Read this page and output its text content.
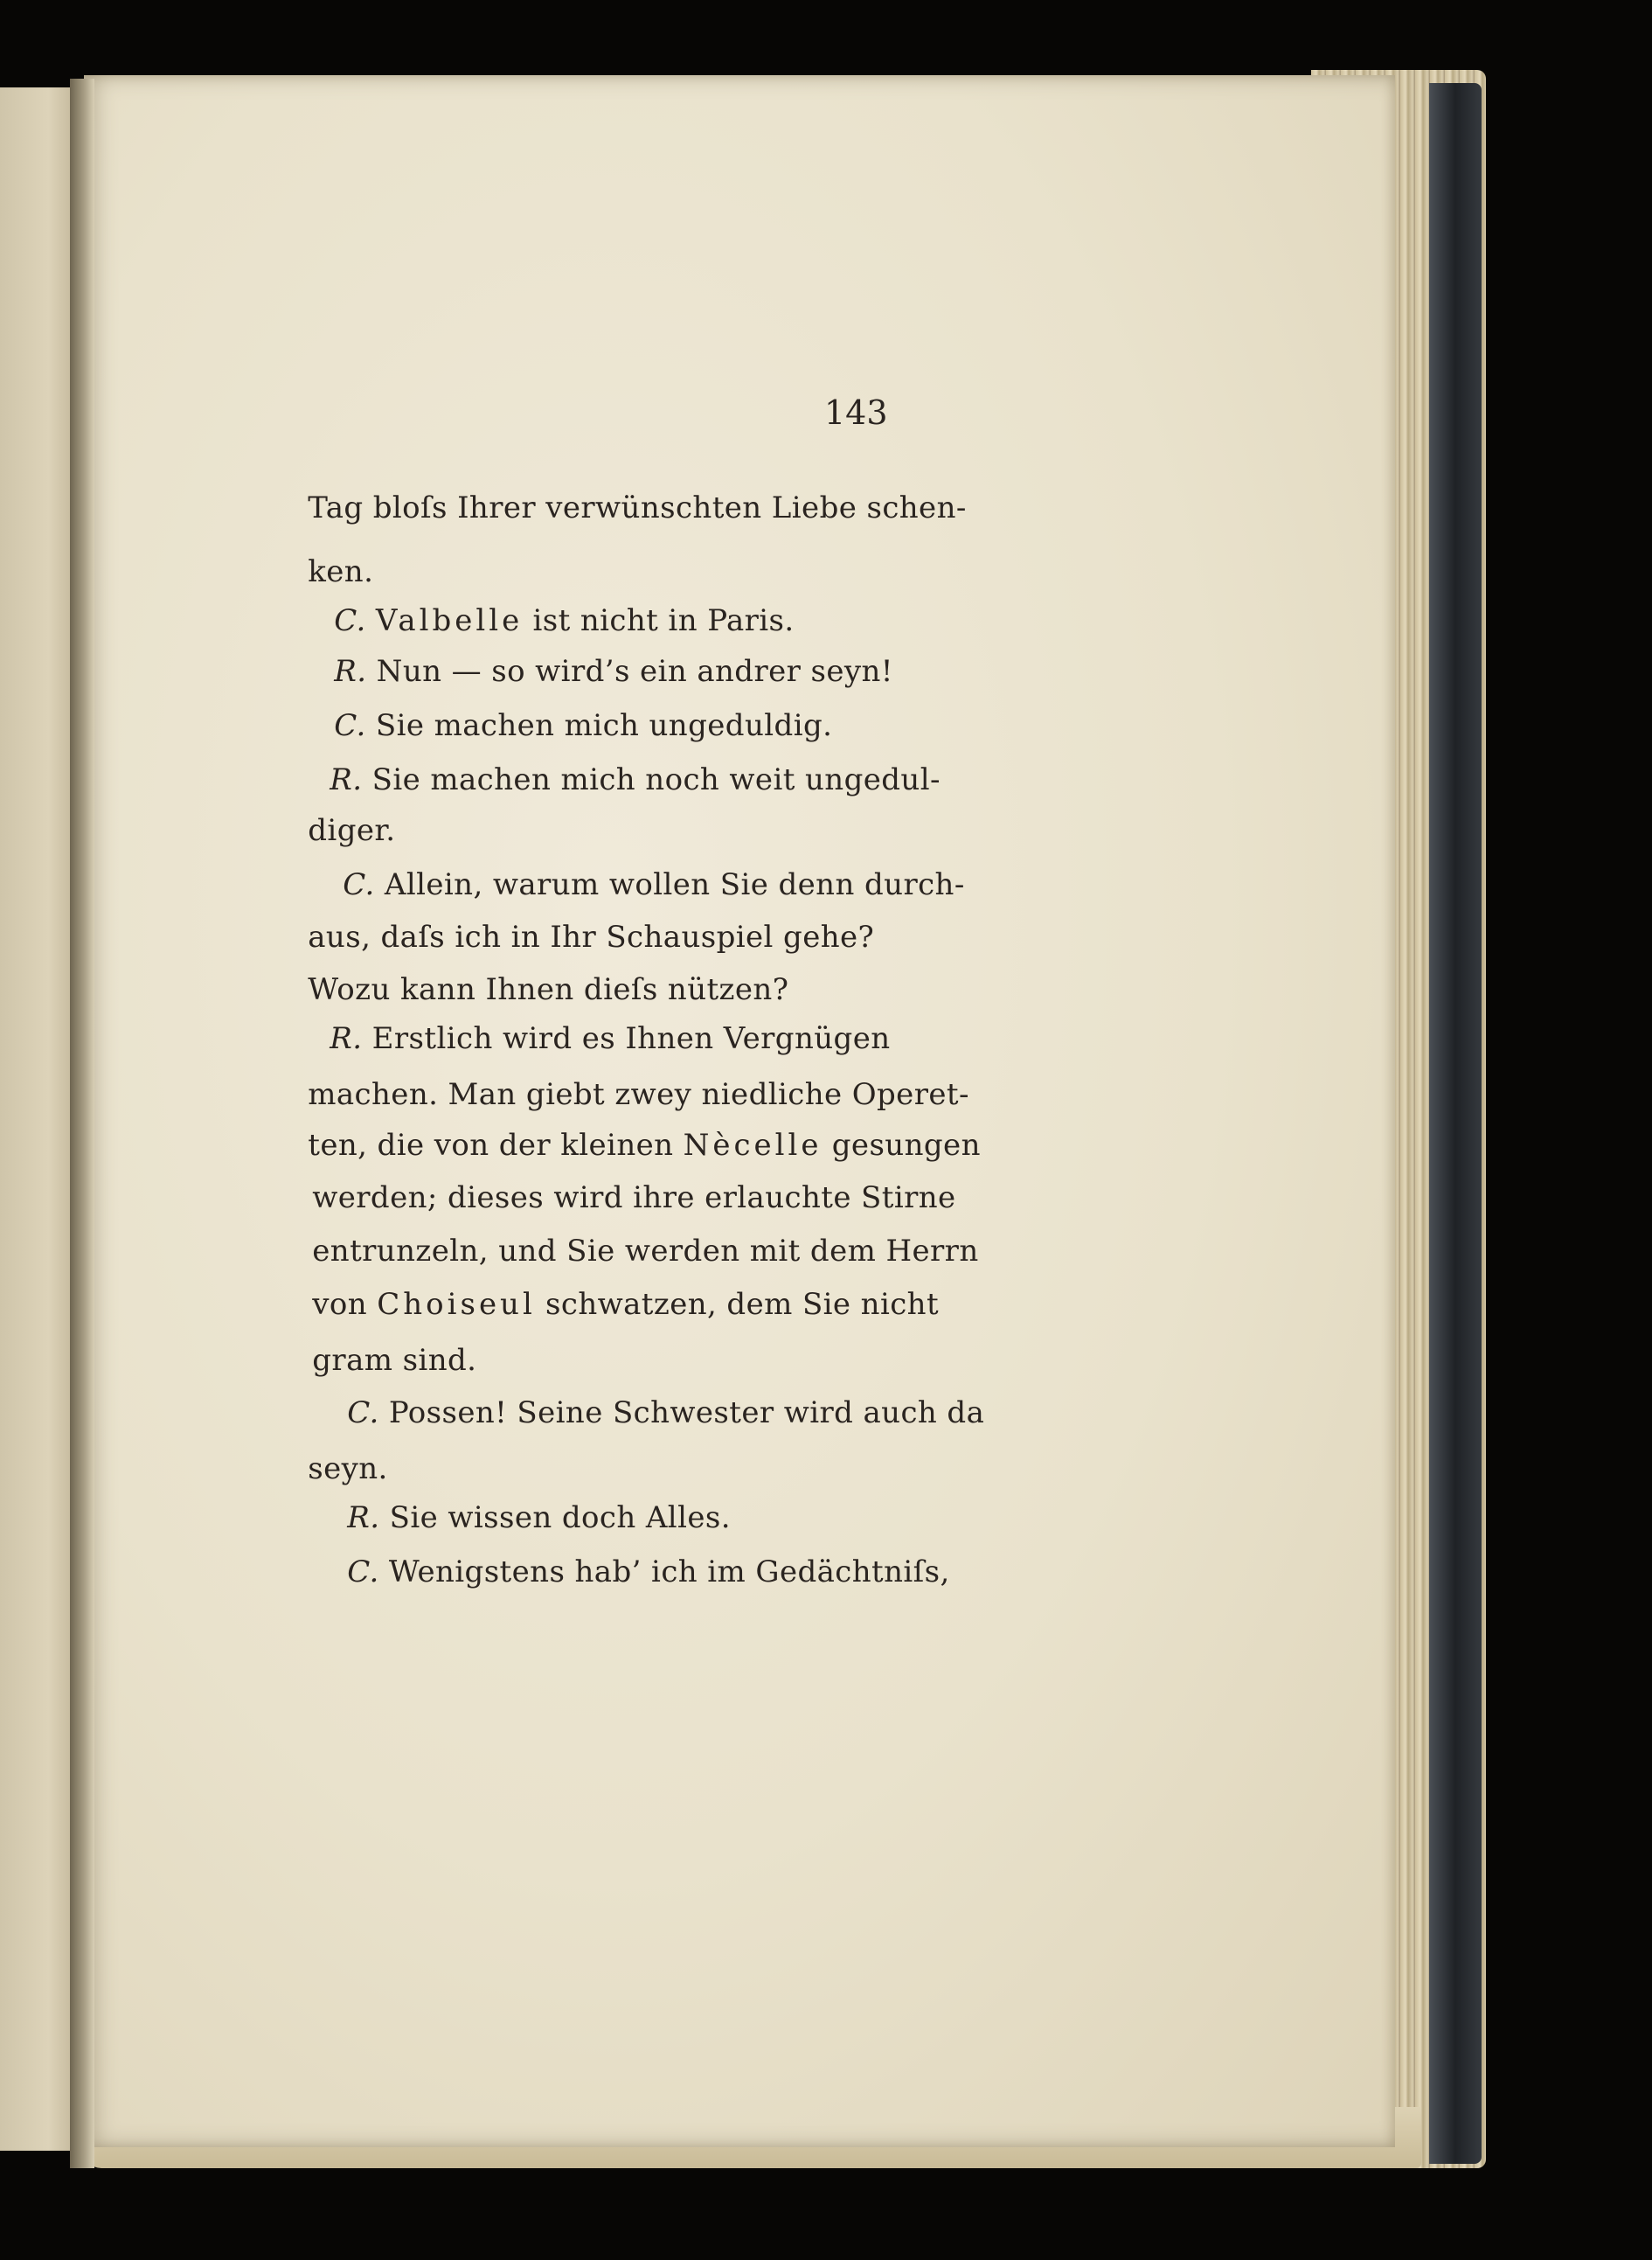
143

Tag bloſs Ihrer verwünschten Liebe schen-

ken.

C. Valbelle ist nicht in Paris.

R. Nun — so wird’s ein andrer seyn!

C. Sie machen mich ungeduldig.

R. Sie machen mich noch weit ungedul-

diger.

C. Allein, warum wollen Sie denn durch-

aus, daſs ich in Ihr Schauspiel gehe?

Wozu kann Ihnen dieſs nützen?

R. Erstlich wird es Ihnen Vergnügen

machen. Man giebt zwey niedliche Operet-

ten, die von der kleinen Nècelle gesungen

werden; dieses wird ihre erlauchte Stirne

entrunzeln, und Sie werden mit dem Herrn

von Choiseul schwatzen, dem Sie nicht

gram sind.

C. Possen! Seine Schwester wird auch da

seyn.

R. Sie wissen doch Alles.

C. Wenigstens hab’ ich im Gedächtniſs,
